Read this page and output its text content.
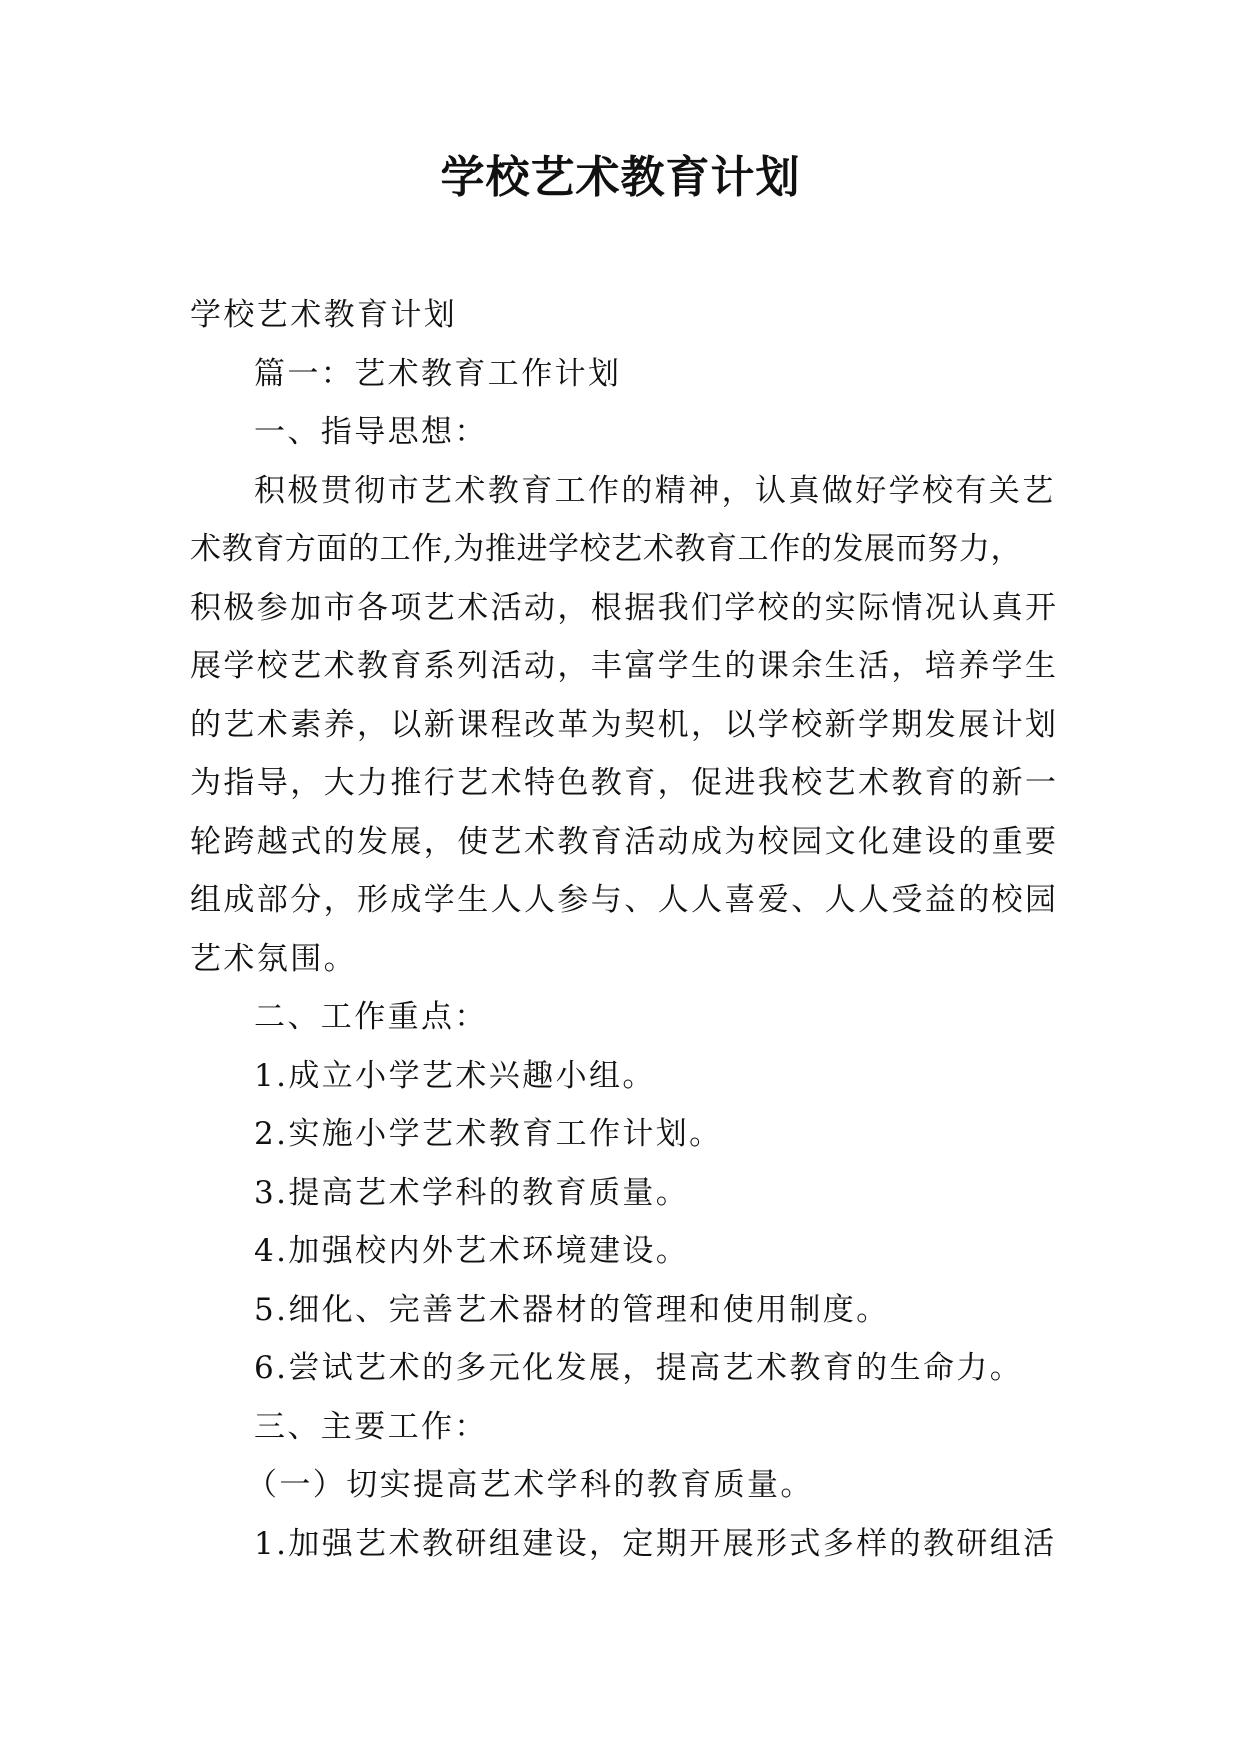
学校艺术教育计划
学校艺术教育计划
篇一：艺术教育工作计划
一、指导思想：
积极贯彻市艺术教育工作的精神，认真做好学校有关艺
术教育方面的工作,为推进学校艺术教育工作的发展而努力，
积极参加市各项艺术活动，根据我们学校的实际情况认真开
展学校艺术教育系列活动，丰富学生的课余生活，培养学生
的艺术素养，以新课程改革为契机，以学校新学期发展计划
为指导，大力推行艺术特色教育，促进我校艺术教育的新一
轮跨越式的发展，使艺术教育活动成为校园文化建设的重要
组成部分，形成学生人人参与、人人喜爱、人人受益的校园
艺术氛围。
二、工作重点：
1.成立小学艺术兴趣小组。
2.实施小学艺术教育工作计划。
3.提高艺术学科的教育质量。
4.加强校内外艺术环境建设。
5.细化、完善艺术器材的管理和使用制度。
6.尝试艺术的多元化发展，提高艺术教育的生命力。
三、主要工作：
（一）切实提高艺术学科的教育质量。
1.加强艺术教研组建设，定期开展形式多样的教研组活
